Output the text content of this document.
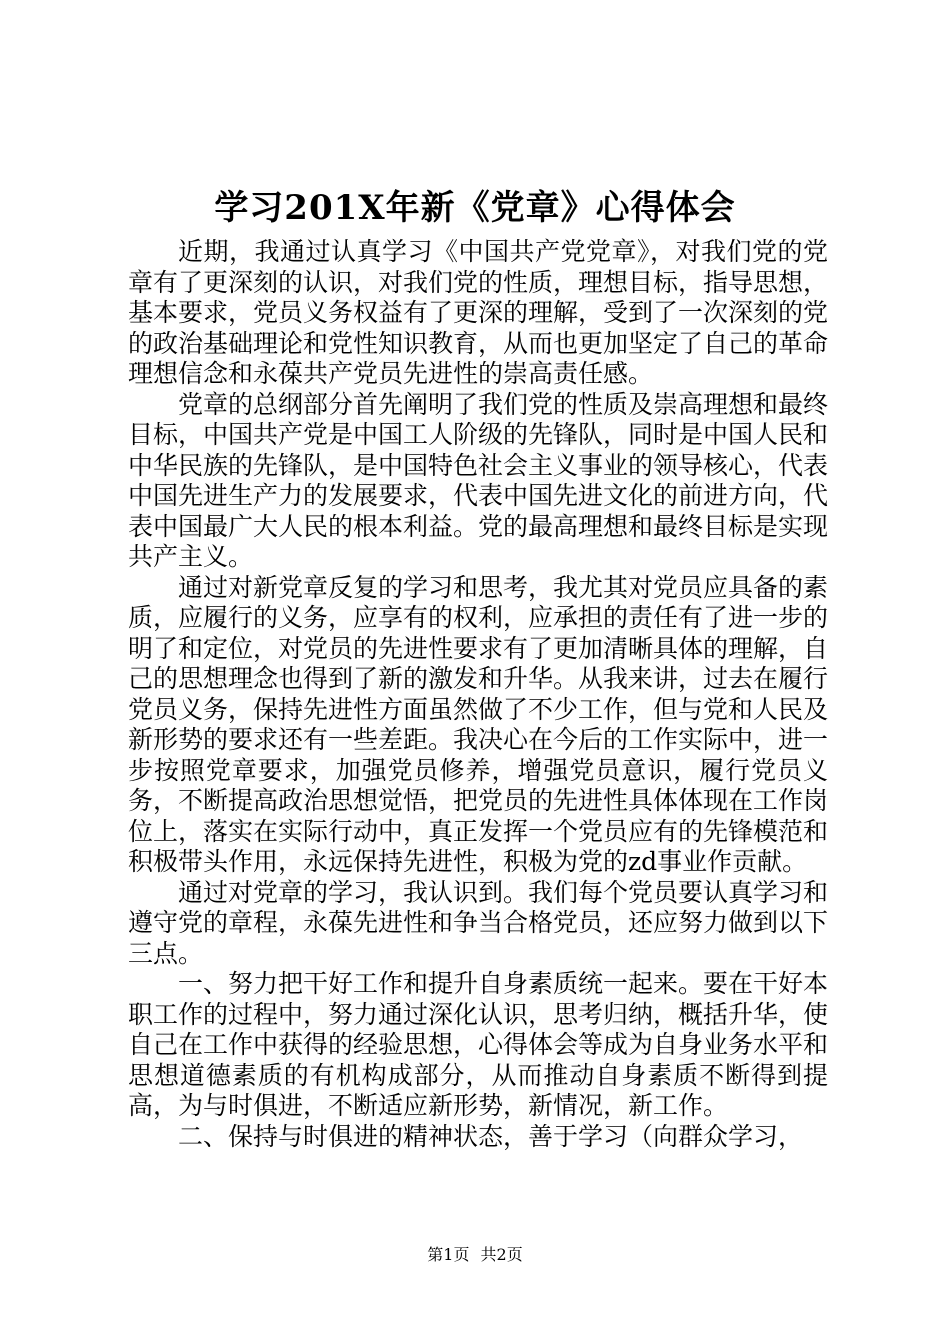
学习201X年新《党章》心得体会

近期，我通过认真学习《中国共产党党章》，对我们党的党章有了更深刻的认识，对我们党的性质，理想目标，指导思想，基本要求，党员义务权益有了更深的理解，受到了一次深刻的党的政治基础理论和党性知识教育，从而也更加坚定了自己的革命理想信念和永葆共产党员先进性的崇高责任感。

党章的总纲部分首先阐明了我们党的性质及崇高理想和最终目标，中国共产党是中国工人阶级的先锋队，同时是中国人民和中华民族的先锋队，是中国特色社会主义事业的领导核心，代表中国先进生产力的发展要求，代表中国先进文化的前进方向，代表中国最广大人民的根本利益。党的最高理想和最终目标是实现共产主义。

通过对新党章反复的学习和思考，我尤其对党员应具备的素质，应履行的义务，应享有的权利，应承担的责任有了进一步的明了和定位，对党员的先进性要求有了更加清晰具体的理解，自己的思想理念也得到了新的激发和升华。从我来讲，过去在履行党员义务，保持先进性方面虽然做了不少工作，但与党和人民及新形势的要求还有一些差距。我决心在今后的工作实际中，进一步按照党章要求，加强党员修养，增强党员意识，履行党员义务，不断提高政治思想觉悟，把党员的先进性具体体现在工作岗位上，落实在实际行动中，真正发挥一个党员应有的先锋模范和积极带头作用，永远保持先进性，积极为党的zd事业作贡献。

通过对党章的学习，我认识到。我们每个党员要认真学习和遵守党的章程，永葆先进性和争当合格党员，还应努力做到以下三点。

一、努力把干好工作和提升自身素质统一起来。要在干好本职工作的过程中，努力通过深化认识，思考归纳，概括升华，使自己在工作中获得的经验思想，心得体会等成为自身业务水平和思想道德素质的有机构成部分，从而推动自身素质不断得到提高，为与时俱进，不断适应新形势，新情况，新工作。

二、保持与时俱进的精神状态，善于学习（向群众学习，

第1页 共2页
